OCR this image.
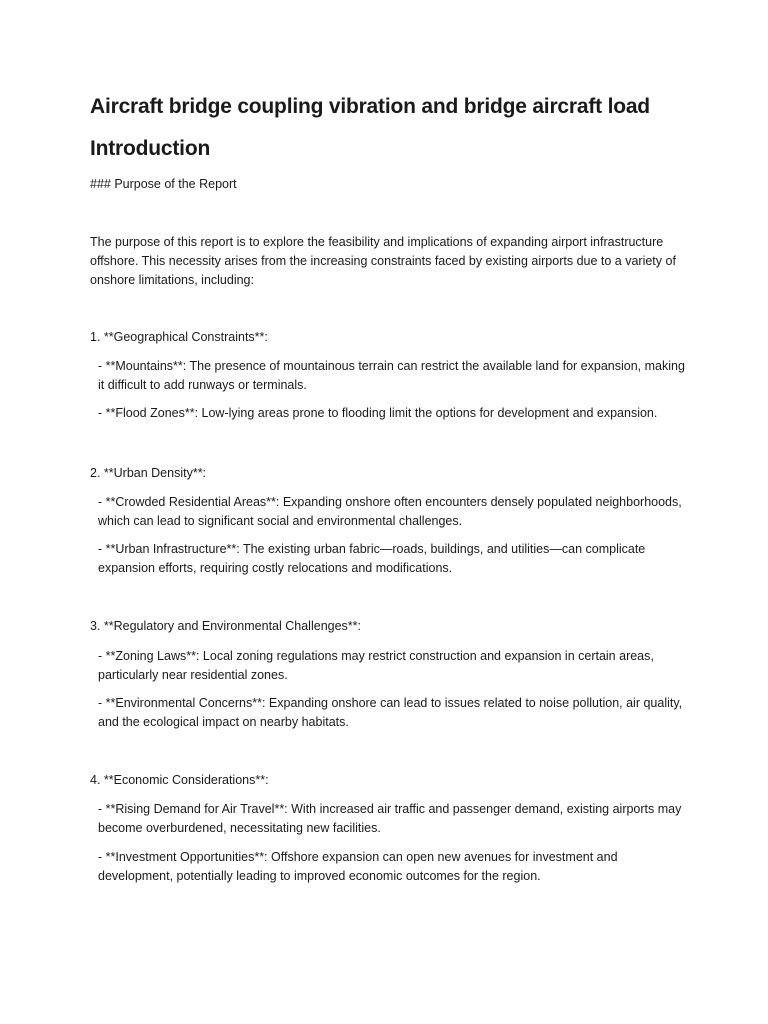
Aircraft bridge coupling vibration and bridge aircraft load
Introduction

### Purpose of the Report

The purpose of this report is to explore the feasibility and implications of expanding airport infrastructure offshore. This necessity arises from the increasing constraints faced by existing airports due to a variety of onshore limitations, including:

1. **Geographical Constraints**:

- **Mountains**: The presence of mountainous terrain can restrict the available land for expansion, making it difficult to add runways or terminals.

- **Flood Zones**: Low-lying areas prone to flooding limit the options for development and expansion.

2. **Urban Density**:

- **Crowded Residential Areas**: Expanding onshore often encounters densely populated neighborhoods, which can lead to significant social and environmental challenges.

- **Urban Infrastructure**: The existing urban fabric—roads, buildings, and utilities—can complicate expansion efforts, requiring costly relocations and modifications.

3. **Regulatory and Environmental Challenges**:

- **Zoning Laws**: Local zoning regulations may restrict construction and expansion in certain areas, particularly near residential zones.

- **Environmental Concerns**: Expanding onshore can lead to issues related to noise pollution, air quality, and the ecological impact on nearby habitats.

4. **Economic Considerations**:

- **Rising Demand for Air Travel**: With increased air traffic and passenger demand, existing airports may become overburdened, necessitating new facilities.

- **Investment Opportunities**: Offshore expansion can open new avenues for investment and development, potentially leading to improved economic outcomes for the region.
